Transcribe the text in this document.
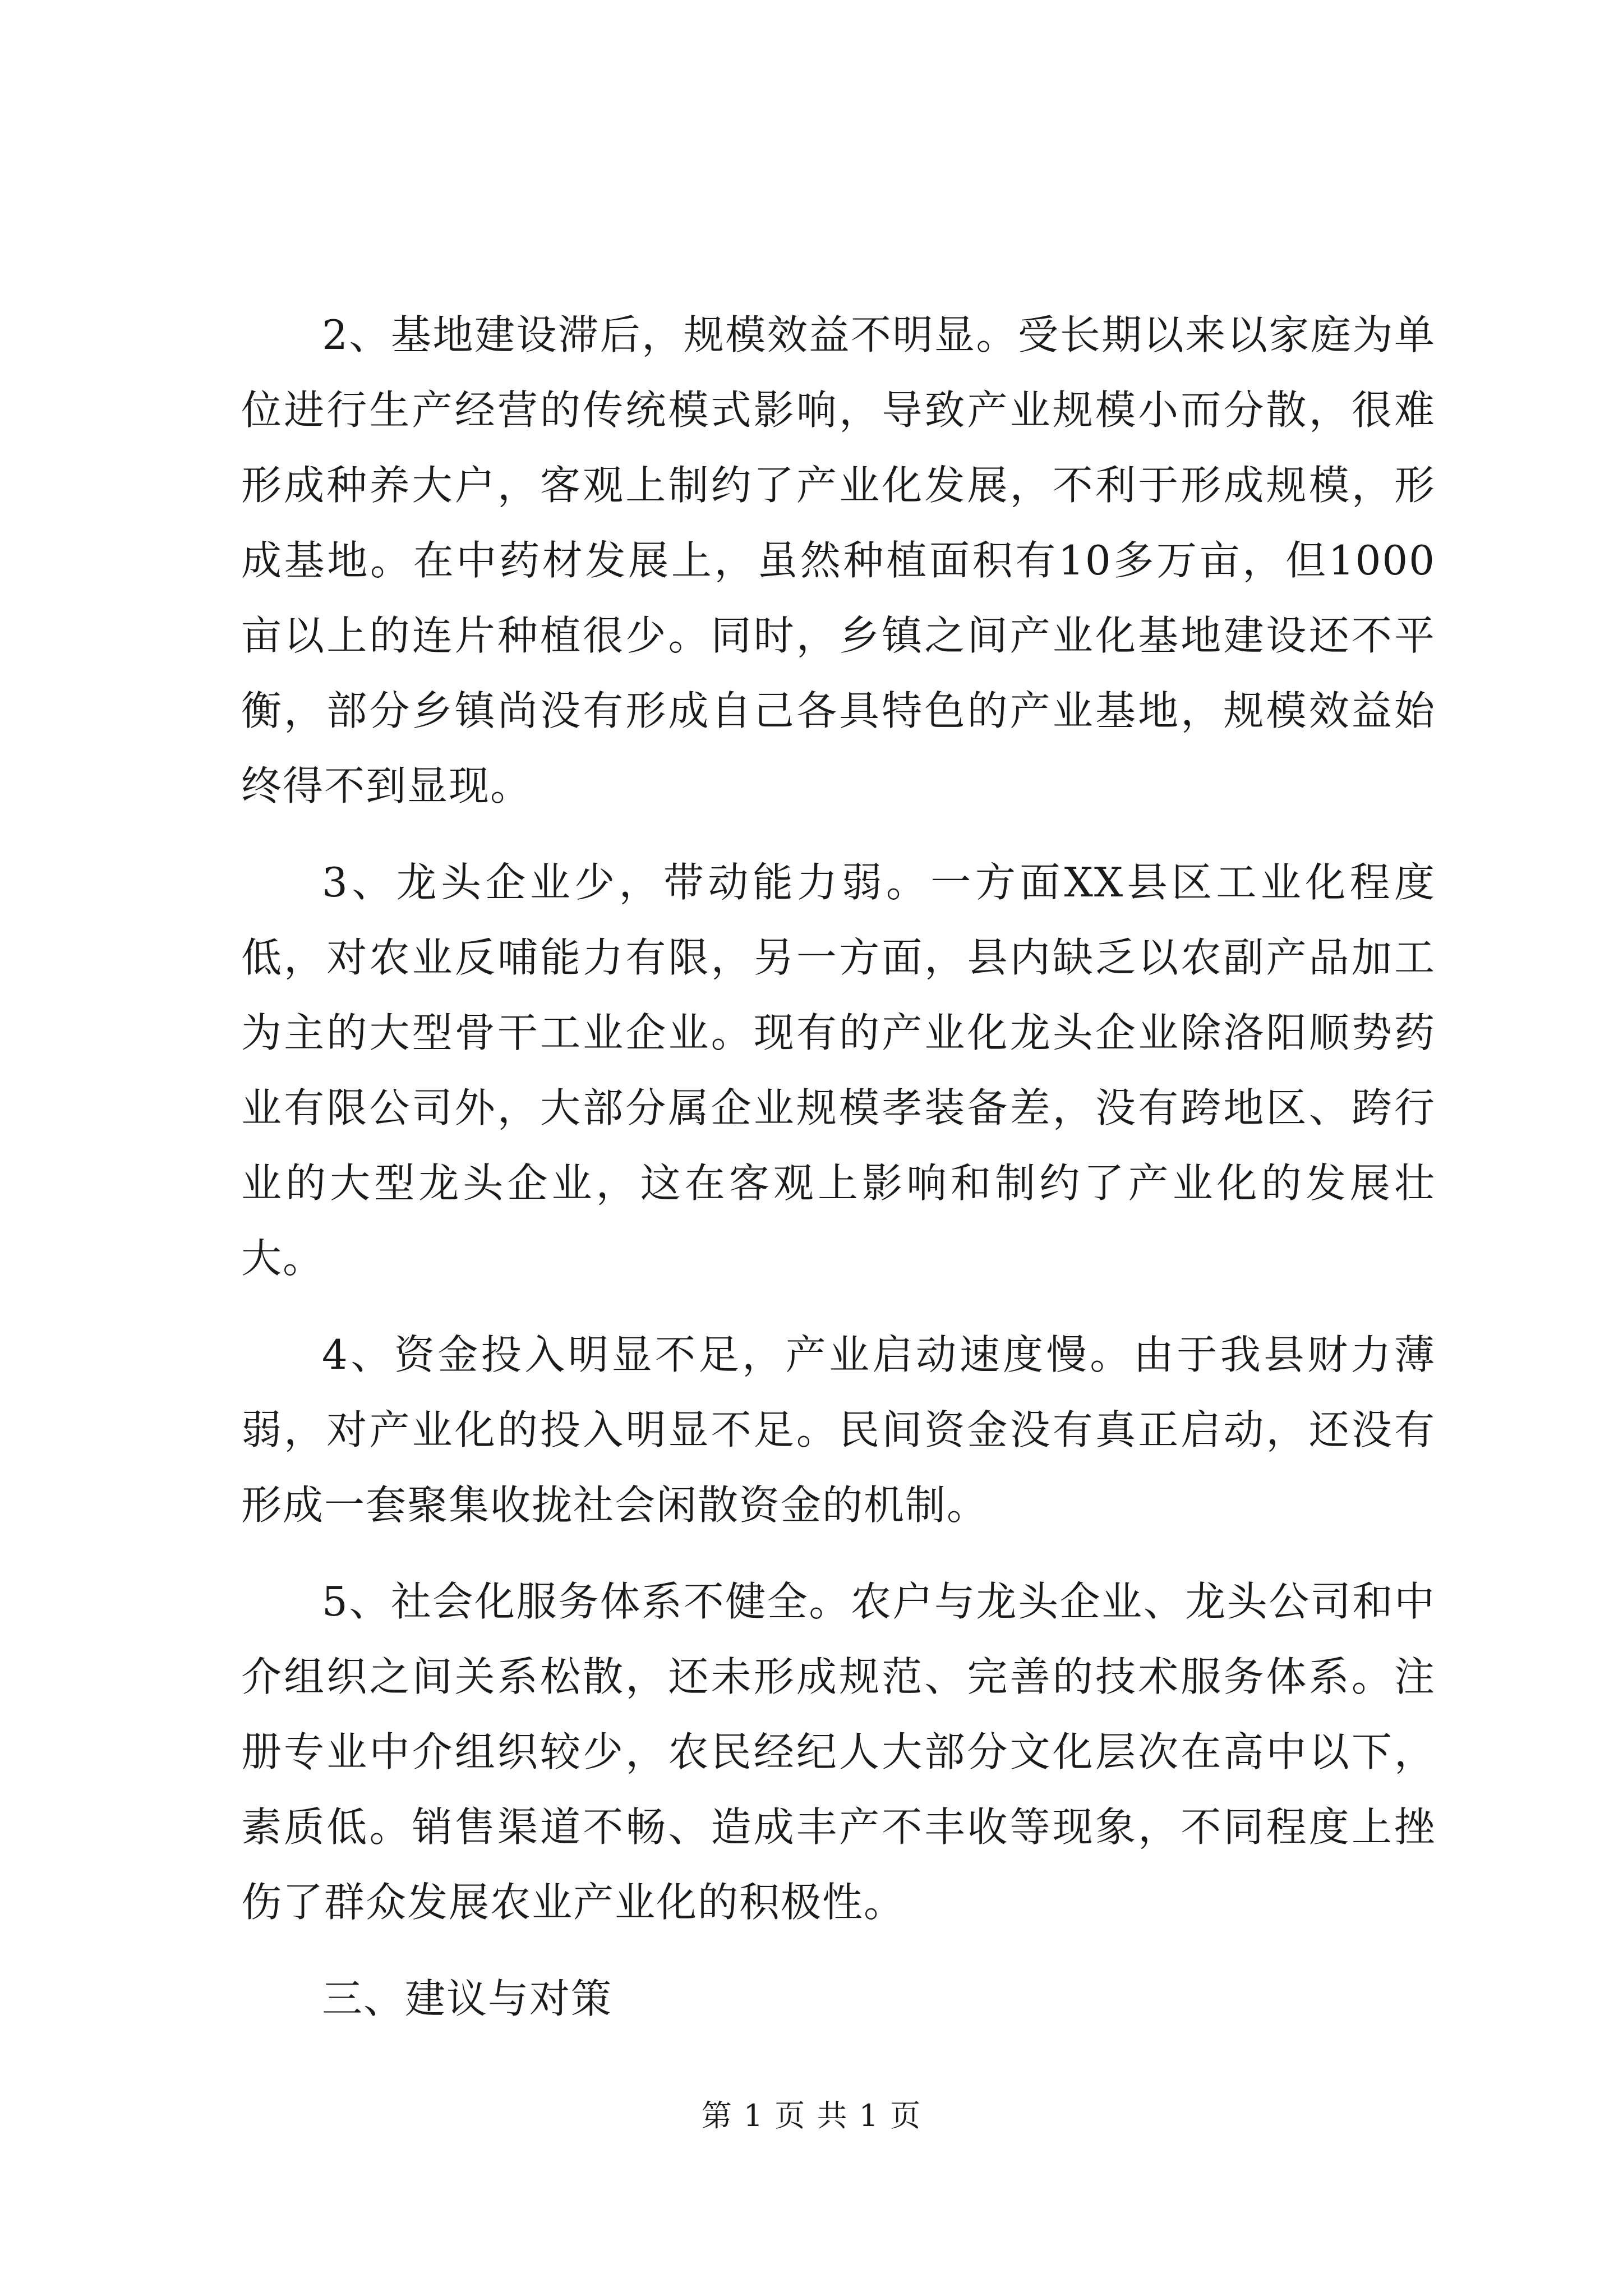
2、基地建设滞后，规模效益不明显。受长期以来以家庭为单位进行生产经营的传统模式影响，导致产业规模小而分散，很难形成种养大户，客观上制约了产业化发展，不利于形成规模，形成基地。在中药材发展上，虽然种植面积有10多万亩，但1000亩以上的连片种植很少。同时，乡镇之间产业化基地建设还不平衡，部分乡镇尚没有形成自己各具特色的产业基地，规模效益始终得不到显现。

3、龙头企业少，带动能力弱。一方面XX县区工业化程度低，对农业反哺能力有限，另一方面，县内缺乏以农副产品加工为主的大型骨干工业企业。现有的产业化龙头企业除洛阳顺势药业有限公司外，大部分属企业规模孝装备差，没有跨地区、跨行业的大型龙头企业，这在客观上影响和制约了产业化的发展壮大。

4、资金投入明显不足，产业启动速度慢。由于我县财力薄弱，对产业化的投入明显不足。民间资金没有真正启动，还没有形成一套聚集收拢社会闲散资金的机制。

5、社会化服务体系不健全。农户与龙头企业、龙头公司和中介组织之间关系松散，还未形成规范、完善的技术服务体系。注册专业中介组织较少，农民经纪人大部分文化层次在高中以下，素质低。销售渠道不畅、造成丰产不丰收等现象，不同程度上挫伤了群众发展农业产业化的积极性。

三、建议与对策

第 1 页 共 1 页
